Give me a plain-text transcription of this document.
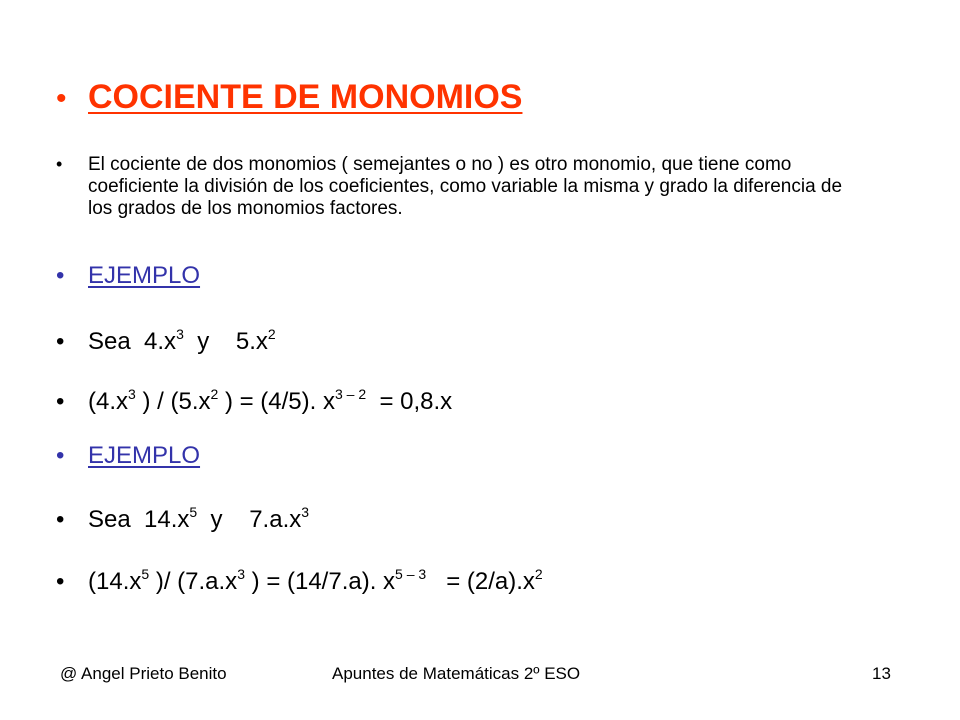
• COCIENTE DE MONOMIOS
•	El cociente de dos monomios ( semejantes o no ) es otro monomio, que tiene como coeficiente la división de los coeficientes, como variable la misma y grado la diferencia de los grados de los monomios factores.
• EJEMPLO
• Sea  $4.x^3$  y    $5.x^2$
• ($4.x^3$ ) / ($5.x^2$ ) = (4/5). $x^{3 - 2} = 0,8.x$
• EJEMPLO
• Sea  $14.x^5$  y    $7.a.x^3$
• ($14.x^5$ )/ ($7.a.x^3$ ) = (14/7.a). $x^{5 - 3} = (2/a).x^2$
@ Angel Prieto Benito	Apuntes de Matemáticas 2º ESO	13
